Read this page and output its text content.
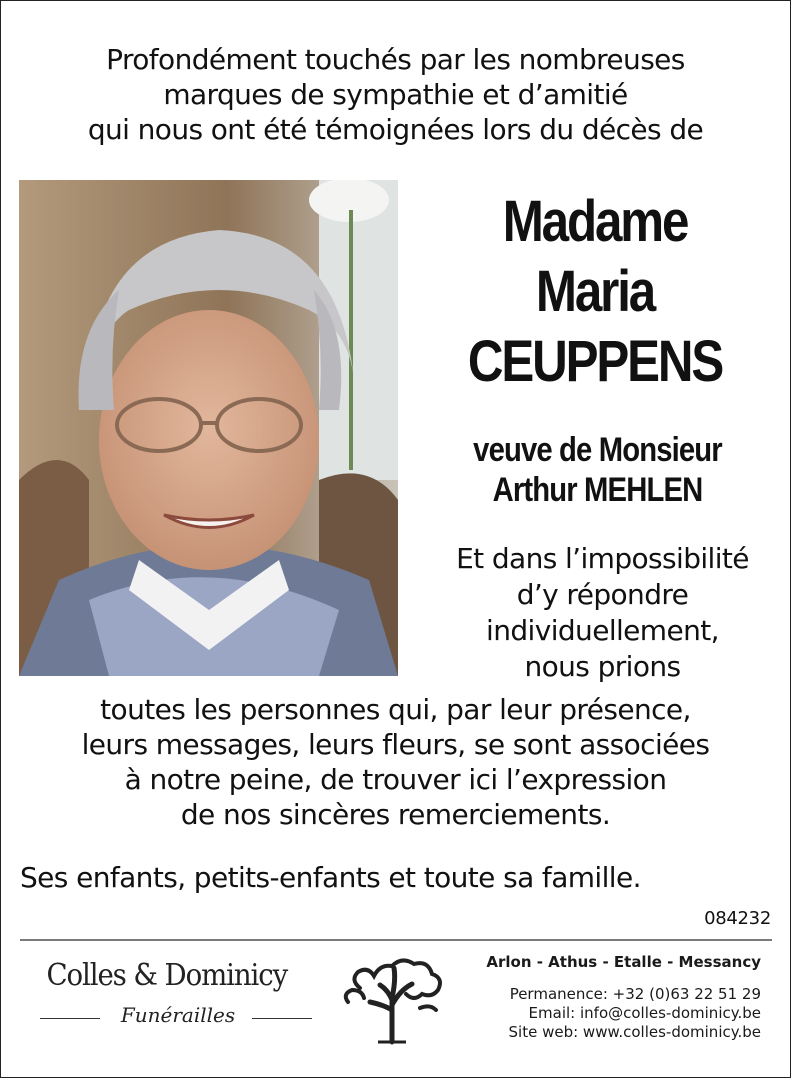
Profondément touchés par les nombreuses
marques de sympathie et d’amitié
qui nous ont été témoignées lors du décès de
Madame
Maria
CEUPPENS
veuve de Monsieur
Arthur MEHLEN
Et dans l’impossibilité
d’y répondre
individuellement,
nous prions
toutes les personnes qui, par leur présence,
leurs messages, leurs fleurs, se sont associées
à notre peine, de trouver ici l’expression
de nos sincères remerciements.
Ses enfants, petits-enfants et toute sa famille.
084232
Colles & Dominicy
Funérailles
Arlon - Athus - Etalle - Messancy
Permanence: +32 (0)63 22 51 29
Email: info@colles-dominicy.be
Site web: www.colles-dominicy.be
